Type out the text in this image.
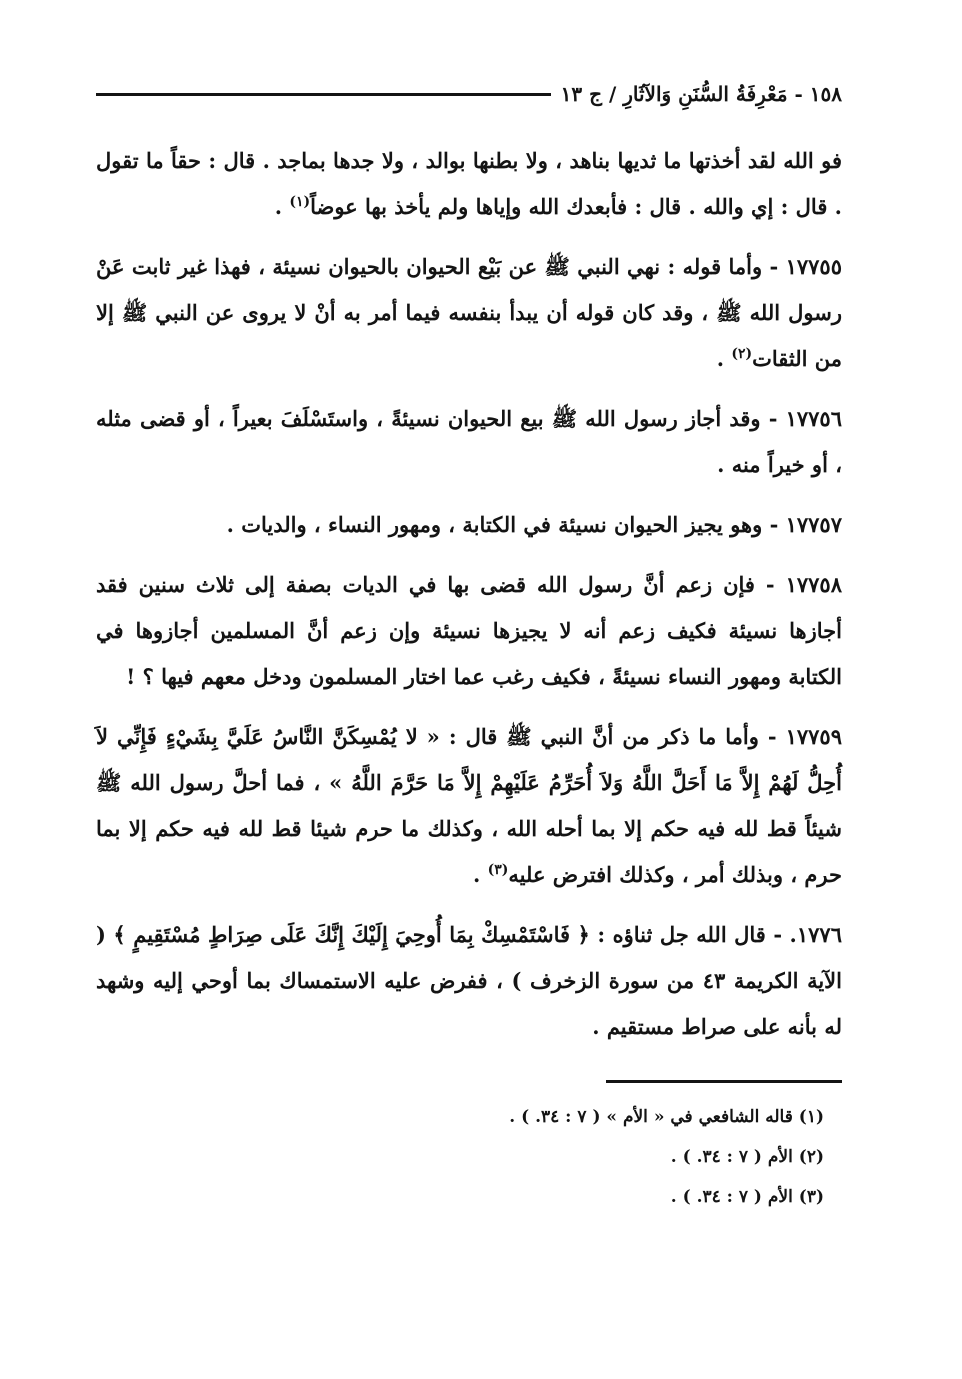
١٥٨ - مَعْرِفَةُ السُّنَنِ وَالآثَارِ / ج ١٣

فو الله لقد أخذتها ما ثديها بناهد ، ولا بطنها بوالد ، ولا جدها بماجد . قال : حقاً ما تقول . قال : إي والله . قال : فأبعدك الله وإياها ولم يأخذ بها عوضاً$^{(١)}$ .

١٧٧٥٥ - وأما قوله : نهي النبي ﷺ عن بَيْع الحيوان بالحيوان نسيئة ، فهذا غير ثابت عَنْ رسول الله ﷺ ، وقد كان قوله أن يبدأ بنفسه فيما أمر به أنْ لا يروى عن النبي ﷺ إلا من الثقات$^{(٢)}$ .

١٧٧٥٦ - وقد أجاز رسول الله ﷺ بيع الحيوان نسيئةً ، واستَسْلَفَ بعيراً ، أو قضى مثله ، أو خيراً منه .

١٧٧٥٧ - وهو يجيز الحيوان نسيئة في الكتابة ، ومهور النساء ، والديات .

١٧٧٥٨ - فإن زعم أنَّ رسول الله قضى بها في الديات بصفة إلى ثلاث سنين فقد أجازها نسيئة فكيف زعم أنه لا يجيزها نسيئة وإن زعم أنَّ المسلمين أجازوها في الكتابة ومهور النساء نسيئةً ، فكيف رغب عما اختار المسلمون ودخل معهم فيها ؟ !

١٧٧٥٩ - وأما ما ذكر من أنَّ النبي ﷺ قال : « لا يُمْسِكَنَّ النَّاسُ عَلَيَّ بِشَيْءٍ فَإِنِّي لاَ أُحِلُّ لَهُمْ إِلاَّ مَا أَحَلَّ اللَّهُ وَلاَ أُحَرِّمُ عَلَيْهِمْ إِلاَّ مَا حَرَّمَ اللَّهُ » ، فما أحلَّ رسول الله ﷺ شيئاً قط لله فيه حكم إلا بما أحله الله ، وكذلك ما حرم شيئا قط لله فيه حكم إلا بما حرم ، وبذلك أمر ، وكذلك افترض عليه$^{(٣)}$ .

١٧٧٦. - قال الله جل ثناؤه : ﴿ فَاسْتَمْسِكْ بِمَا أُوحِيَ إِلَيْكَ إِنَّكَ عَلَى صِرَاطٍ مُسْتَقِيمٍ ﴾ ( الآية الكريمة ٤٣ من سورة الزخرف ) ، ففرض عليه الاستمساك بما أوحي إليه وشهد له بأنه على صراط مستقيم .

(١) قاله الشافعي في « الأم » ( ٧ : ٣٤. ) .

(٢) الأم ( ٧ : ٣٤. ) .

(٣) الأم ( ٧ : ٣٤. ) .
